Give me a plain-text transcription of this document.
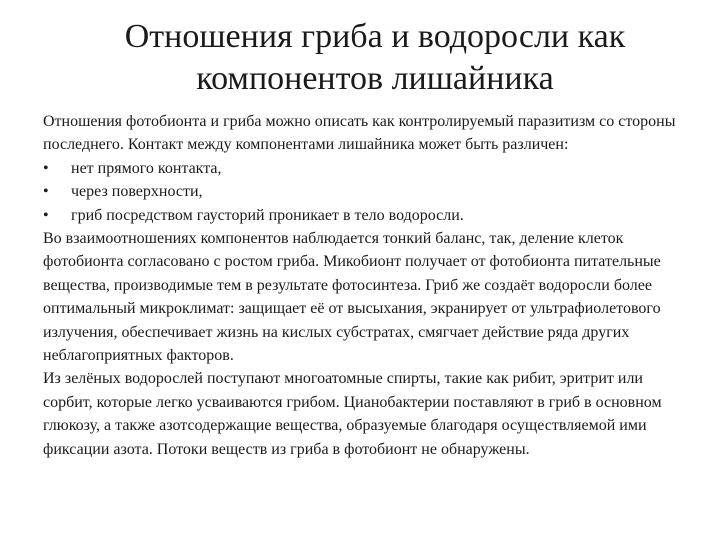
Отношения гриба и водоросли как
компонентов лишайника

Отношения фотобионта и гриба можно описать как контролируемый паразитизм со стороны последнего. Контакт между компонентами лишайника может быть различен:

•	нет прямого контакта,
•	через поверхности,
•	гриб посредством гаусторий проникает в тело водоросли.

Во взаимоотношениях компонентов наблюдается тонкий баланс, так, деление клеток фотобионта согласовано с ростом гриба. Микобионт получает от фотобионта питательные вещества, производимые тем в результате фотосинтеза. Гриб же создаёт водоросли более оптимальный микроклимат: защищает её от высыхания, экранирует от ультрафиолетового излучения, обеспечивает жизнь на кислых субстратах, смягчает действие ряда других неблагоприятных факторов.

Из зелёных водорослей поступают многоатомные спирты, такие как рибит, эритрит или сорбит, которые легко усваиваются грибом. Цианобактерии поставляют в гриб в основном глюкозу, а также азотсодержащие вещества, образуемые благодаря осуществляемой ими фиксации азота. Потоки веществ из гриба в фотобионт не обнаружены.
